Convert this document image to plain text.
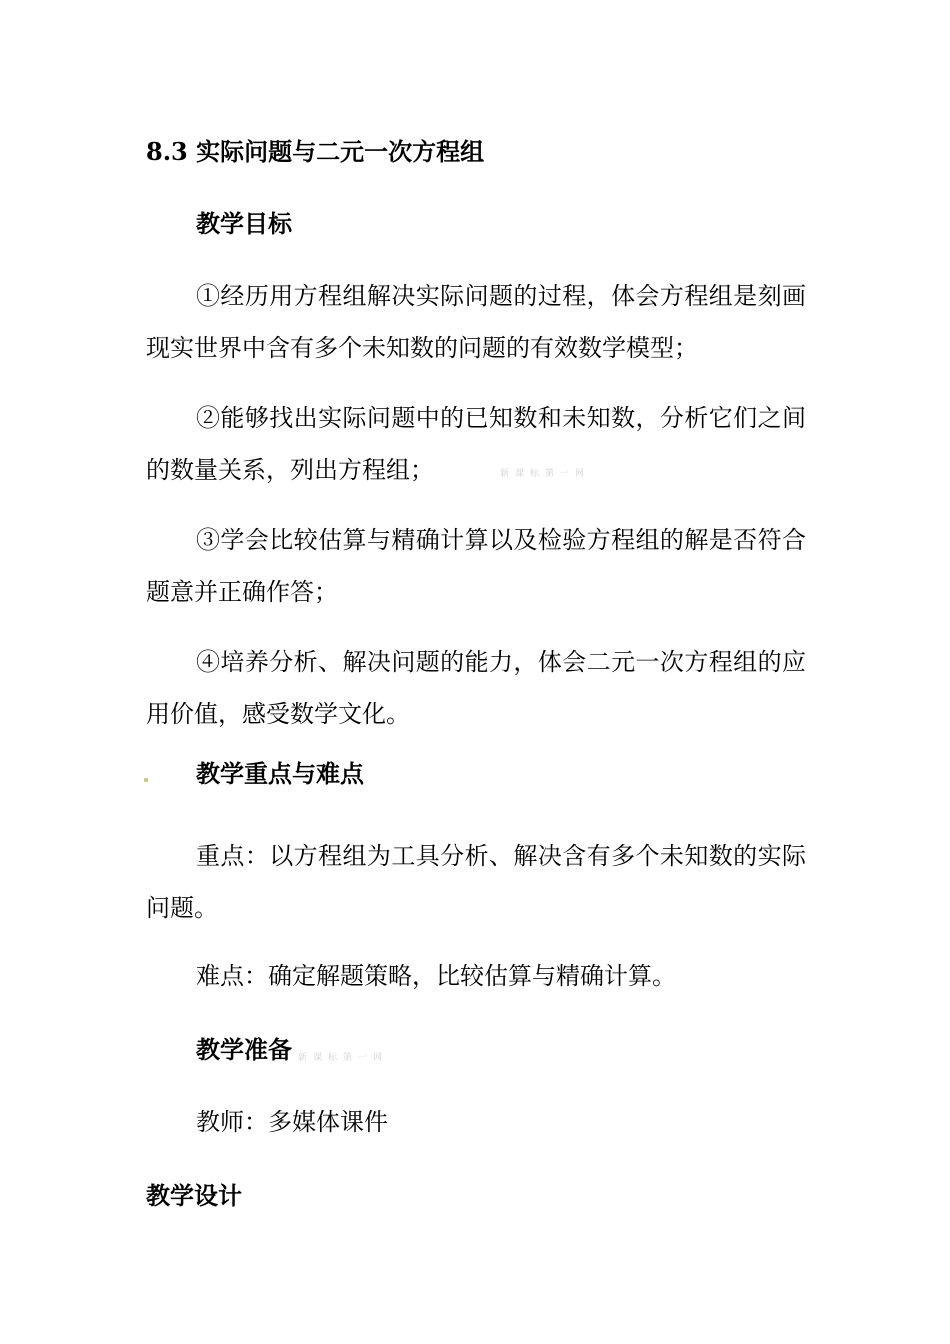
8.3 实际问题与二元一次方程组
教学目标
①经历用方程组解决实际问题的过程，体会方程组是刻画现实世界中含有多个未知数的问题的有效数学模型；
②能够找出实际问题中的已知数和未知数，分析它们之间的数量关系，列出方程组；	新课标第一网
③学会比较估算与精确计算以及检验方程组的解是否符合题意并正确作答；
④培养分析、解决问题的能力，体会二元一次方程组的应用价值，感受数学文化。
教学重点与难点
重点：以方程组为工具分析、解决含有多个未知数的实际问题。
难点：确定解题策略，比较估算与精确计算。
教学准备 新课标第一网
教师：多媒体课件
教学设计
